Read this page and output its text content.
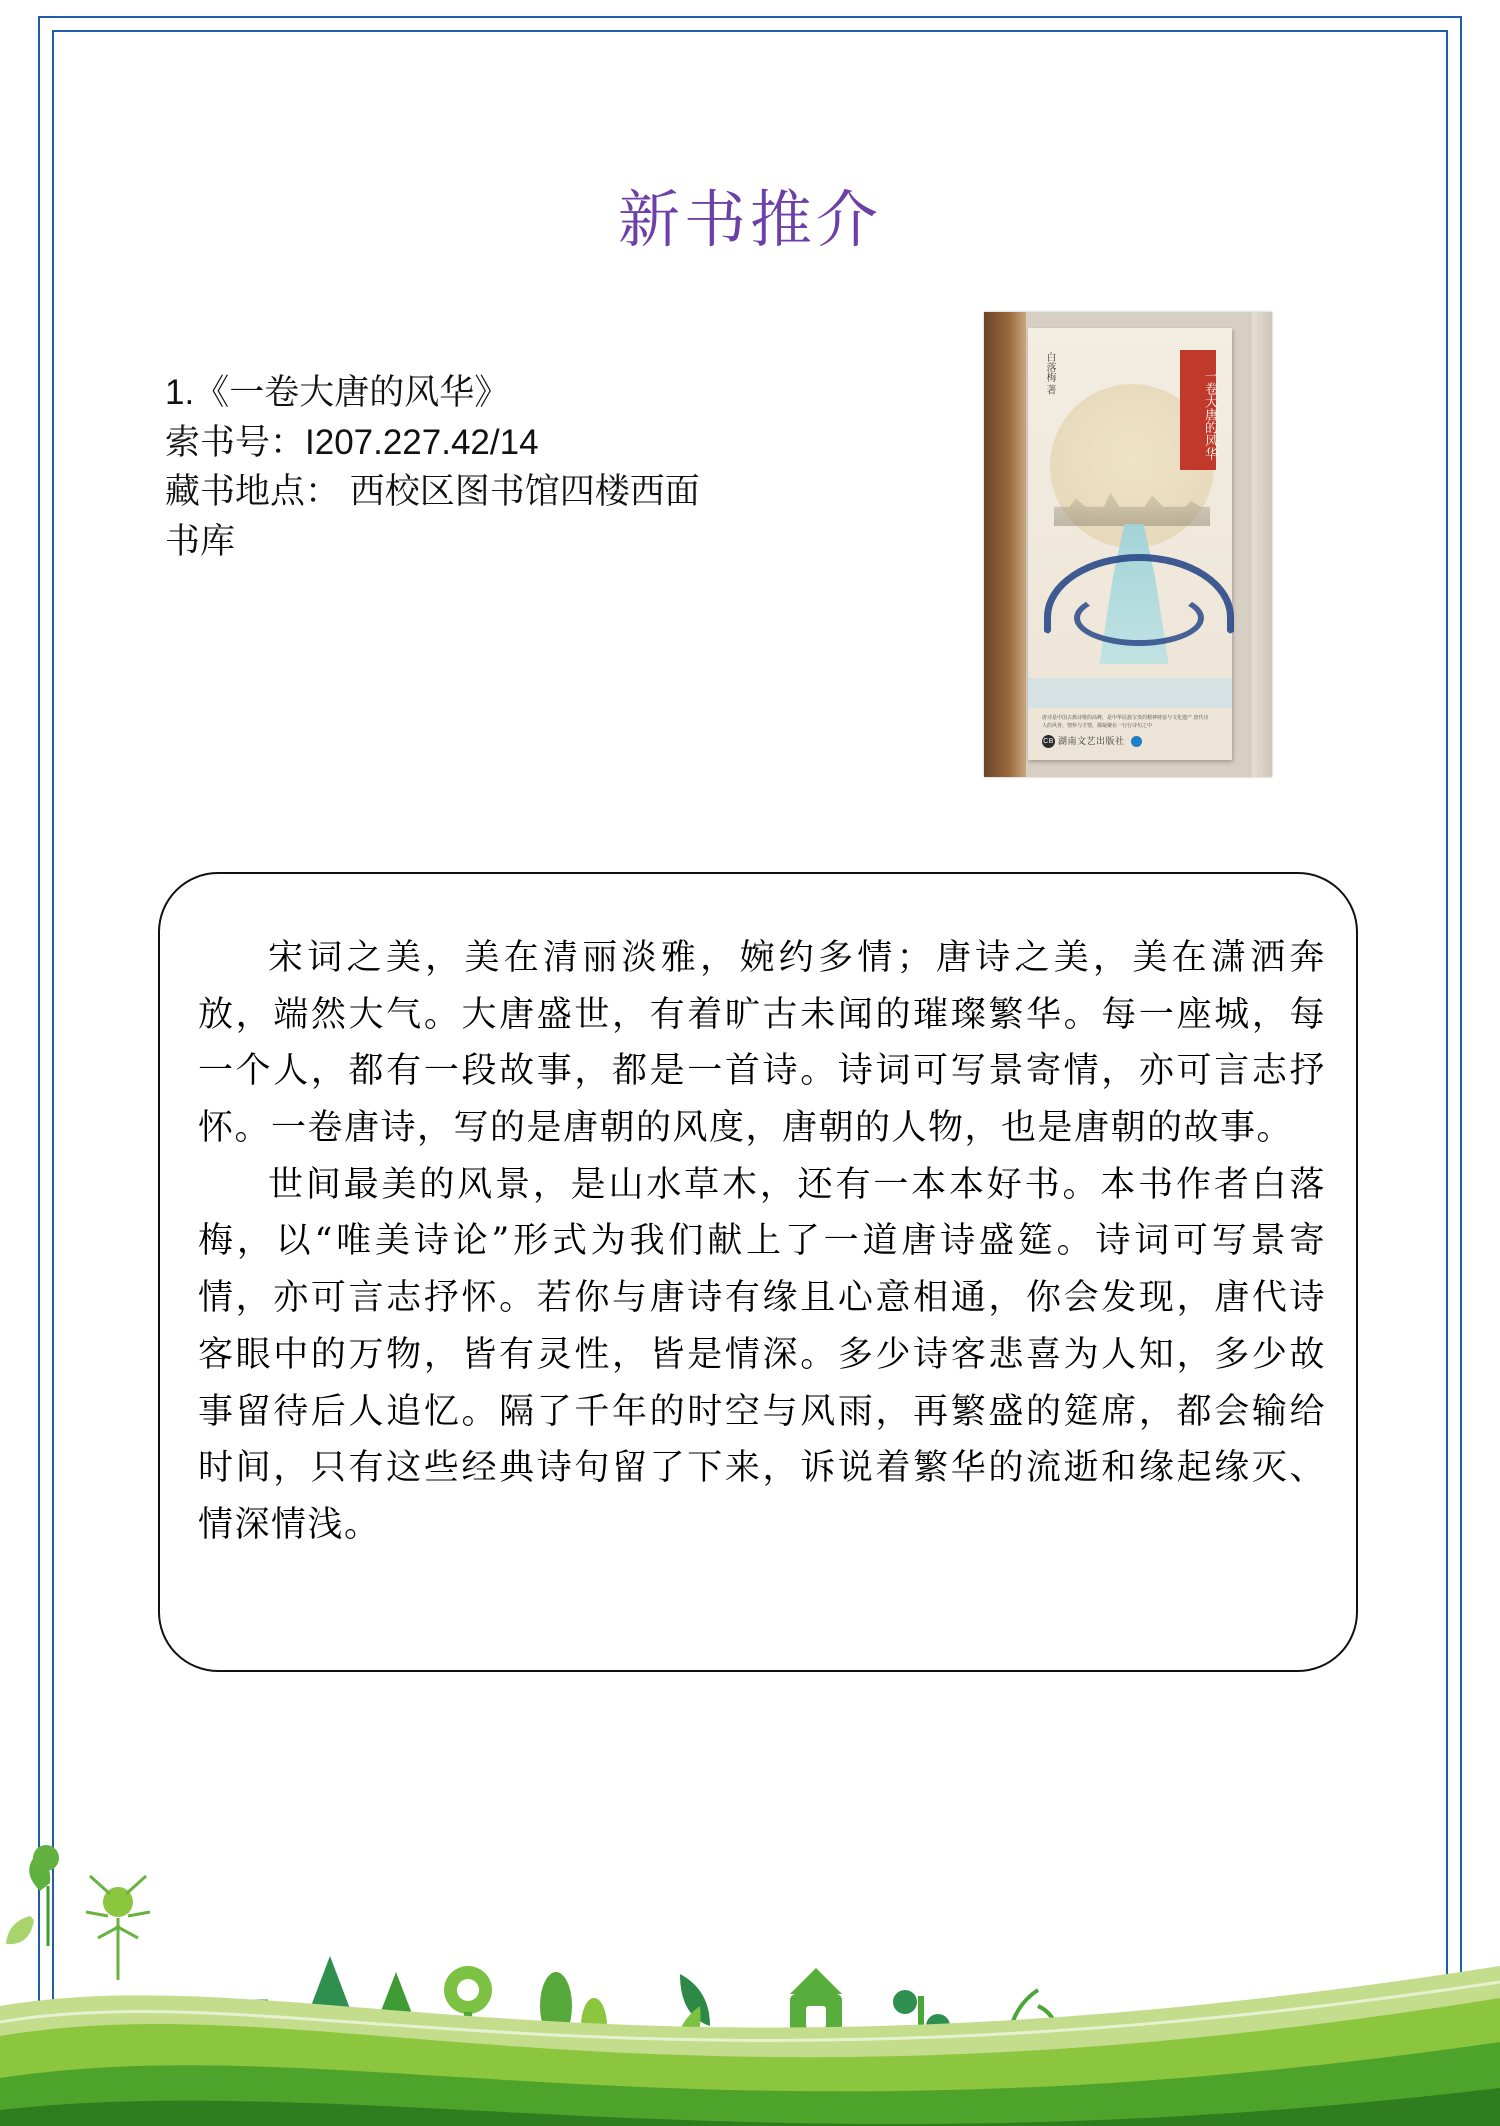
新书推介
1.《一卷大唐的风华》
索书号：I207.227.42/14
藏书地点： 西校区图书馆四楼西面
书库
白落梅 著	一卷大唐的风华
唐诗是中国古典诗歌的高峰，是中华民族宝贵的精神财富与文化遗产 唐代诗人的风骨、情怀与才情，都凝聚在一行行诗句之中
CB 湖南文艺出版社

宋词之美，美在清丽淡雅，婉约多情；唐诗之美，美在潇洒奔放，端然大气。大唐盛世，有着旷古未闻的璀璨繁华。每一座城，每一个人，都有一段故事，都是一首诗。诗词可写景寄情，亦可言志抒怀。一卷唐诗，写的是唐朝的风度，唐朝的人物，也是唐朝的故事。

世间最美的风景，是山水草木，还有一本本好书。本书作者白落梅，以“唯美诗论”形式为我们献上了一道唐诗盛筵。诗词可写景寄情，亦可言志抒怀。若你与唐诗有缘且心意相通，你会发现，唐代诗客眼中的万物，皆有灵性，皆是情深。多少诗客悲喜为人知，多少故事留待后人追忆。隔了千年的时空与风雨，再繁盛的筵席，都会输给时间，只有这些经典诗句留了下来，诉说着繁华的流逝和缘起缘灭、情深情浅。
